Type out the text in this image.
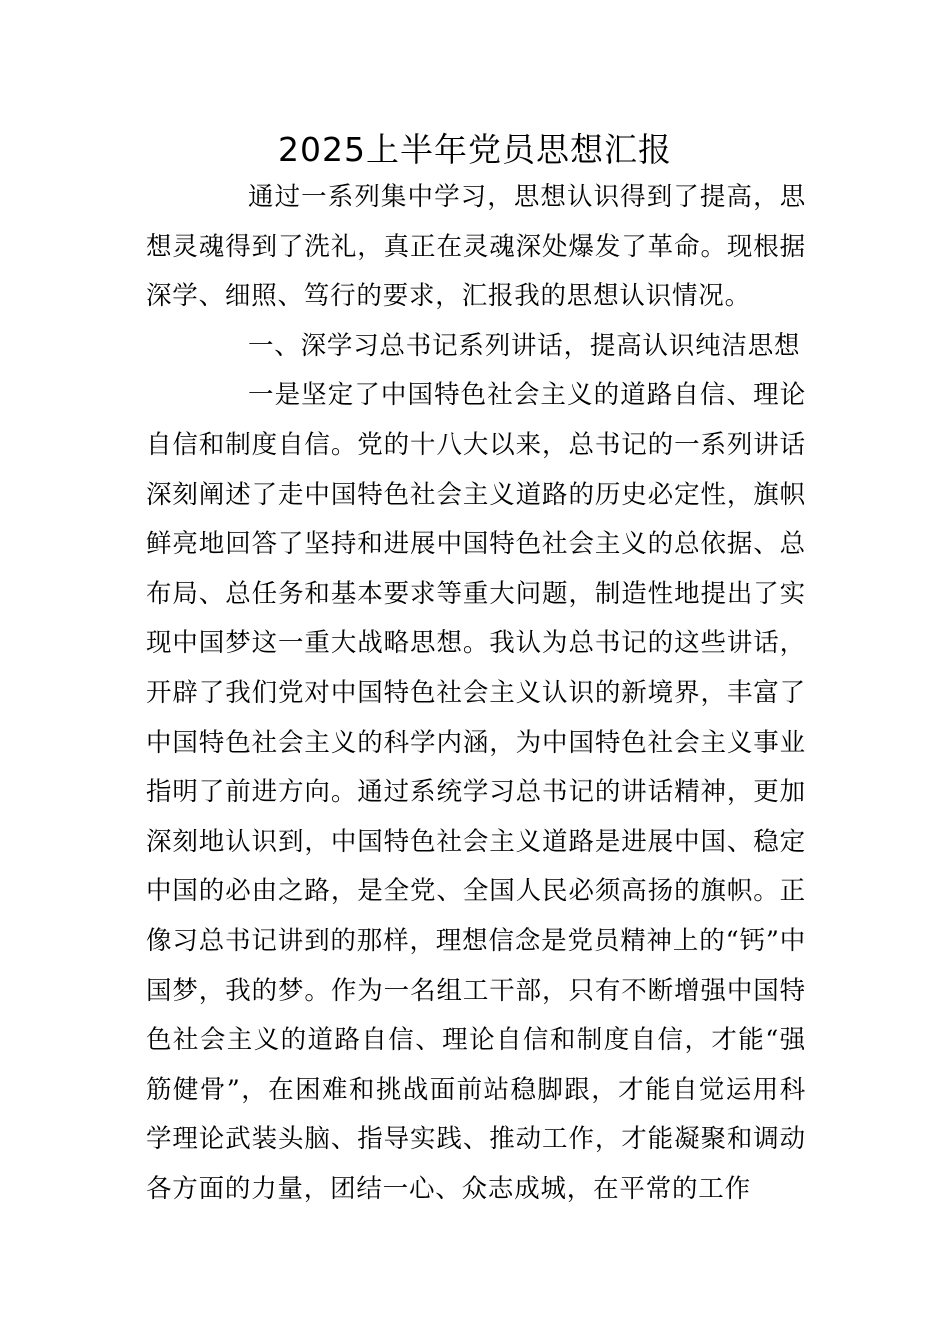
2025上半年党员思想汇报

通过一系列集中学习，思想认识得到了提高，思想灵魂得到了洗礼，真正在灵魂深处爆发了革命。现根据深学、细照、笃行的要求，汇报我的思想认识情况。

一、深学习总书记系列讲话，提高认识纯洁思想

一是坚定了中国特色社会主义的道路自信、理论自信和制度自信。党的十八大以来，总书记的一系列讲话深刻阐述了走中国特色社会主义道路的历史必定性，旗帜鲜亮地回答了坚持和进展中国特色社会主义的总依据、总布局、总任务和基本要求等重大问题，制造性地提出了实现中国梦这一重大战略思想。我认为总书记的这些讲话，开辟了我们党对中国特色社会主义认识的新境界，丰富了中国特色社会主义的科学内涵，为中国特色社会主义事业指明了前进方向。通过系统学习总书记的讲话精神，更加深刻地认识到，中国特色社会主义道路是进展中国、稳定中国的必由之路，是全党、全国人民必须高扬的旗帜。正像习总书记讲到的那样，理想信念是党员精神上的“钙”中国梦，我的梦。作为一名组工干部，只有不断增强中国特色社会主义的道路自信、理论自信和制度自信，才能“强筋健骨”，在困难和挑战面前站稳脚跟，才能自觉运用科学理论武装头脑、指导实践、推动工作，才能凝聚和调动各方面的力量，团结一心、众志成城，在平常的工作
